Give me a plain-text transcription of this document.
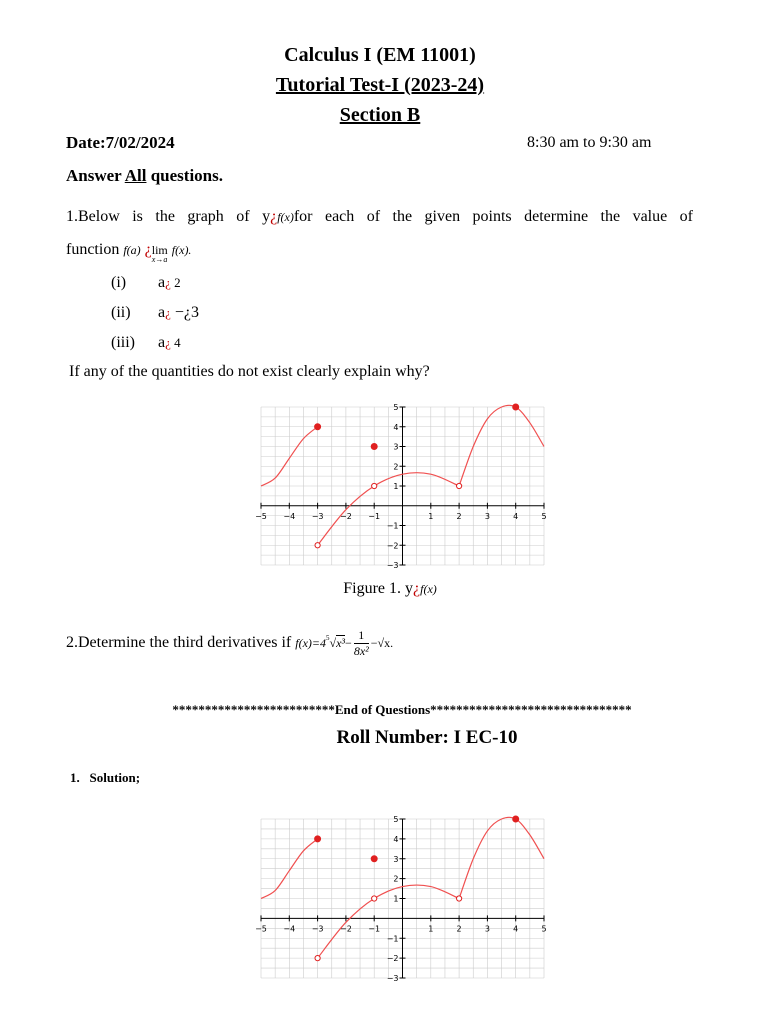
Calculus I (EM 11001)
Tutorial Test-I (2023-24)
Section B
Date:7/02/2024	8:30 am to 9:30 am
Answer All questions.
1.Below is the graph of y¿f(x)for each of the given points determine the value of
function f(a) ¿lim
x→a
f(x).
(i) a¿ 2
(ii) a¿ −¿3
(iii) a¿ 4
If any of the quantities do not exist clearly explain why?
−5 −4 −3 −2 −1	1	2	3	4	5
5
4
3
2
1
−1
−2
−3
Figure 1. y¿f(x)
2.Determine the third derivatives if $f(x)=4^5√x^3- \frac{1}{\text{8x²}} -√x$.
*************************End of Questions*******************************
Roll Number: I EC-10
1.   Solution;
−5 −4 −3 −2 −1	1	2	3	4	5
5
4
3
2
1
−1
−2
−3
